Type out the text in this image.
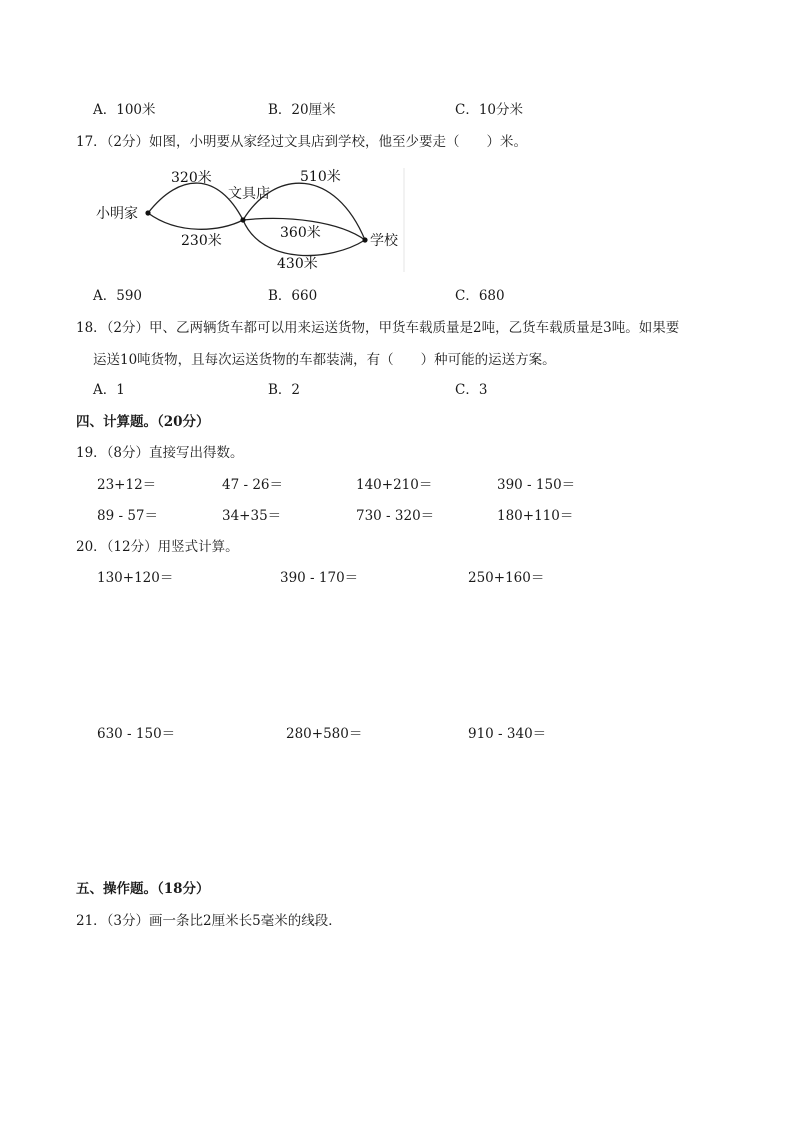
A．100米	B．20厘米	C．10分米
17．（2分）如图，小明要从家经过文具店到学校，他至少要走（　　）米。
小明家
文具店
学校
320米
230米
510米
360米
430米
A．590	B．660	C．680
18．（2分）甲、乙两辆货车都可以用来运送货物，甲货车载质量是2吨，乙货车载质量是3吨。如果要
运送10吨货物，且每次运送货物的车都装满，有（　　）种可能的运送方案。
A．1	B．2	C．3
四、计算题。（20分）
19．（8分）直接写出得数。
23+12＝	47 - 26＝	140+210＝	390 - 150＝
89 - 57＝	34+35＝	730 - 320＝	180+110＝
20．（12分）用竖式计算。
130+120＝	390 - 170＝	250+160＝
630 - 150＝	280+580＝	910 - 340＝
五、操作题。（18分）
21．（3分）画一条比2厘米长5毫米的线段．
